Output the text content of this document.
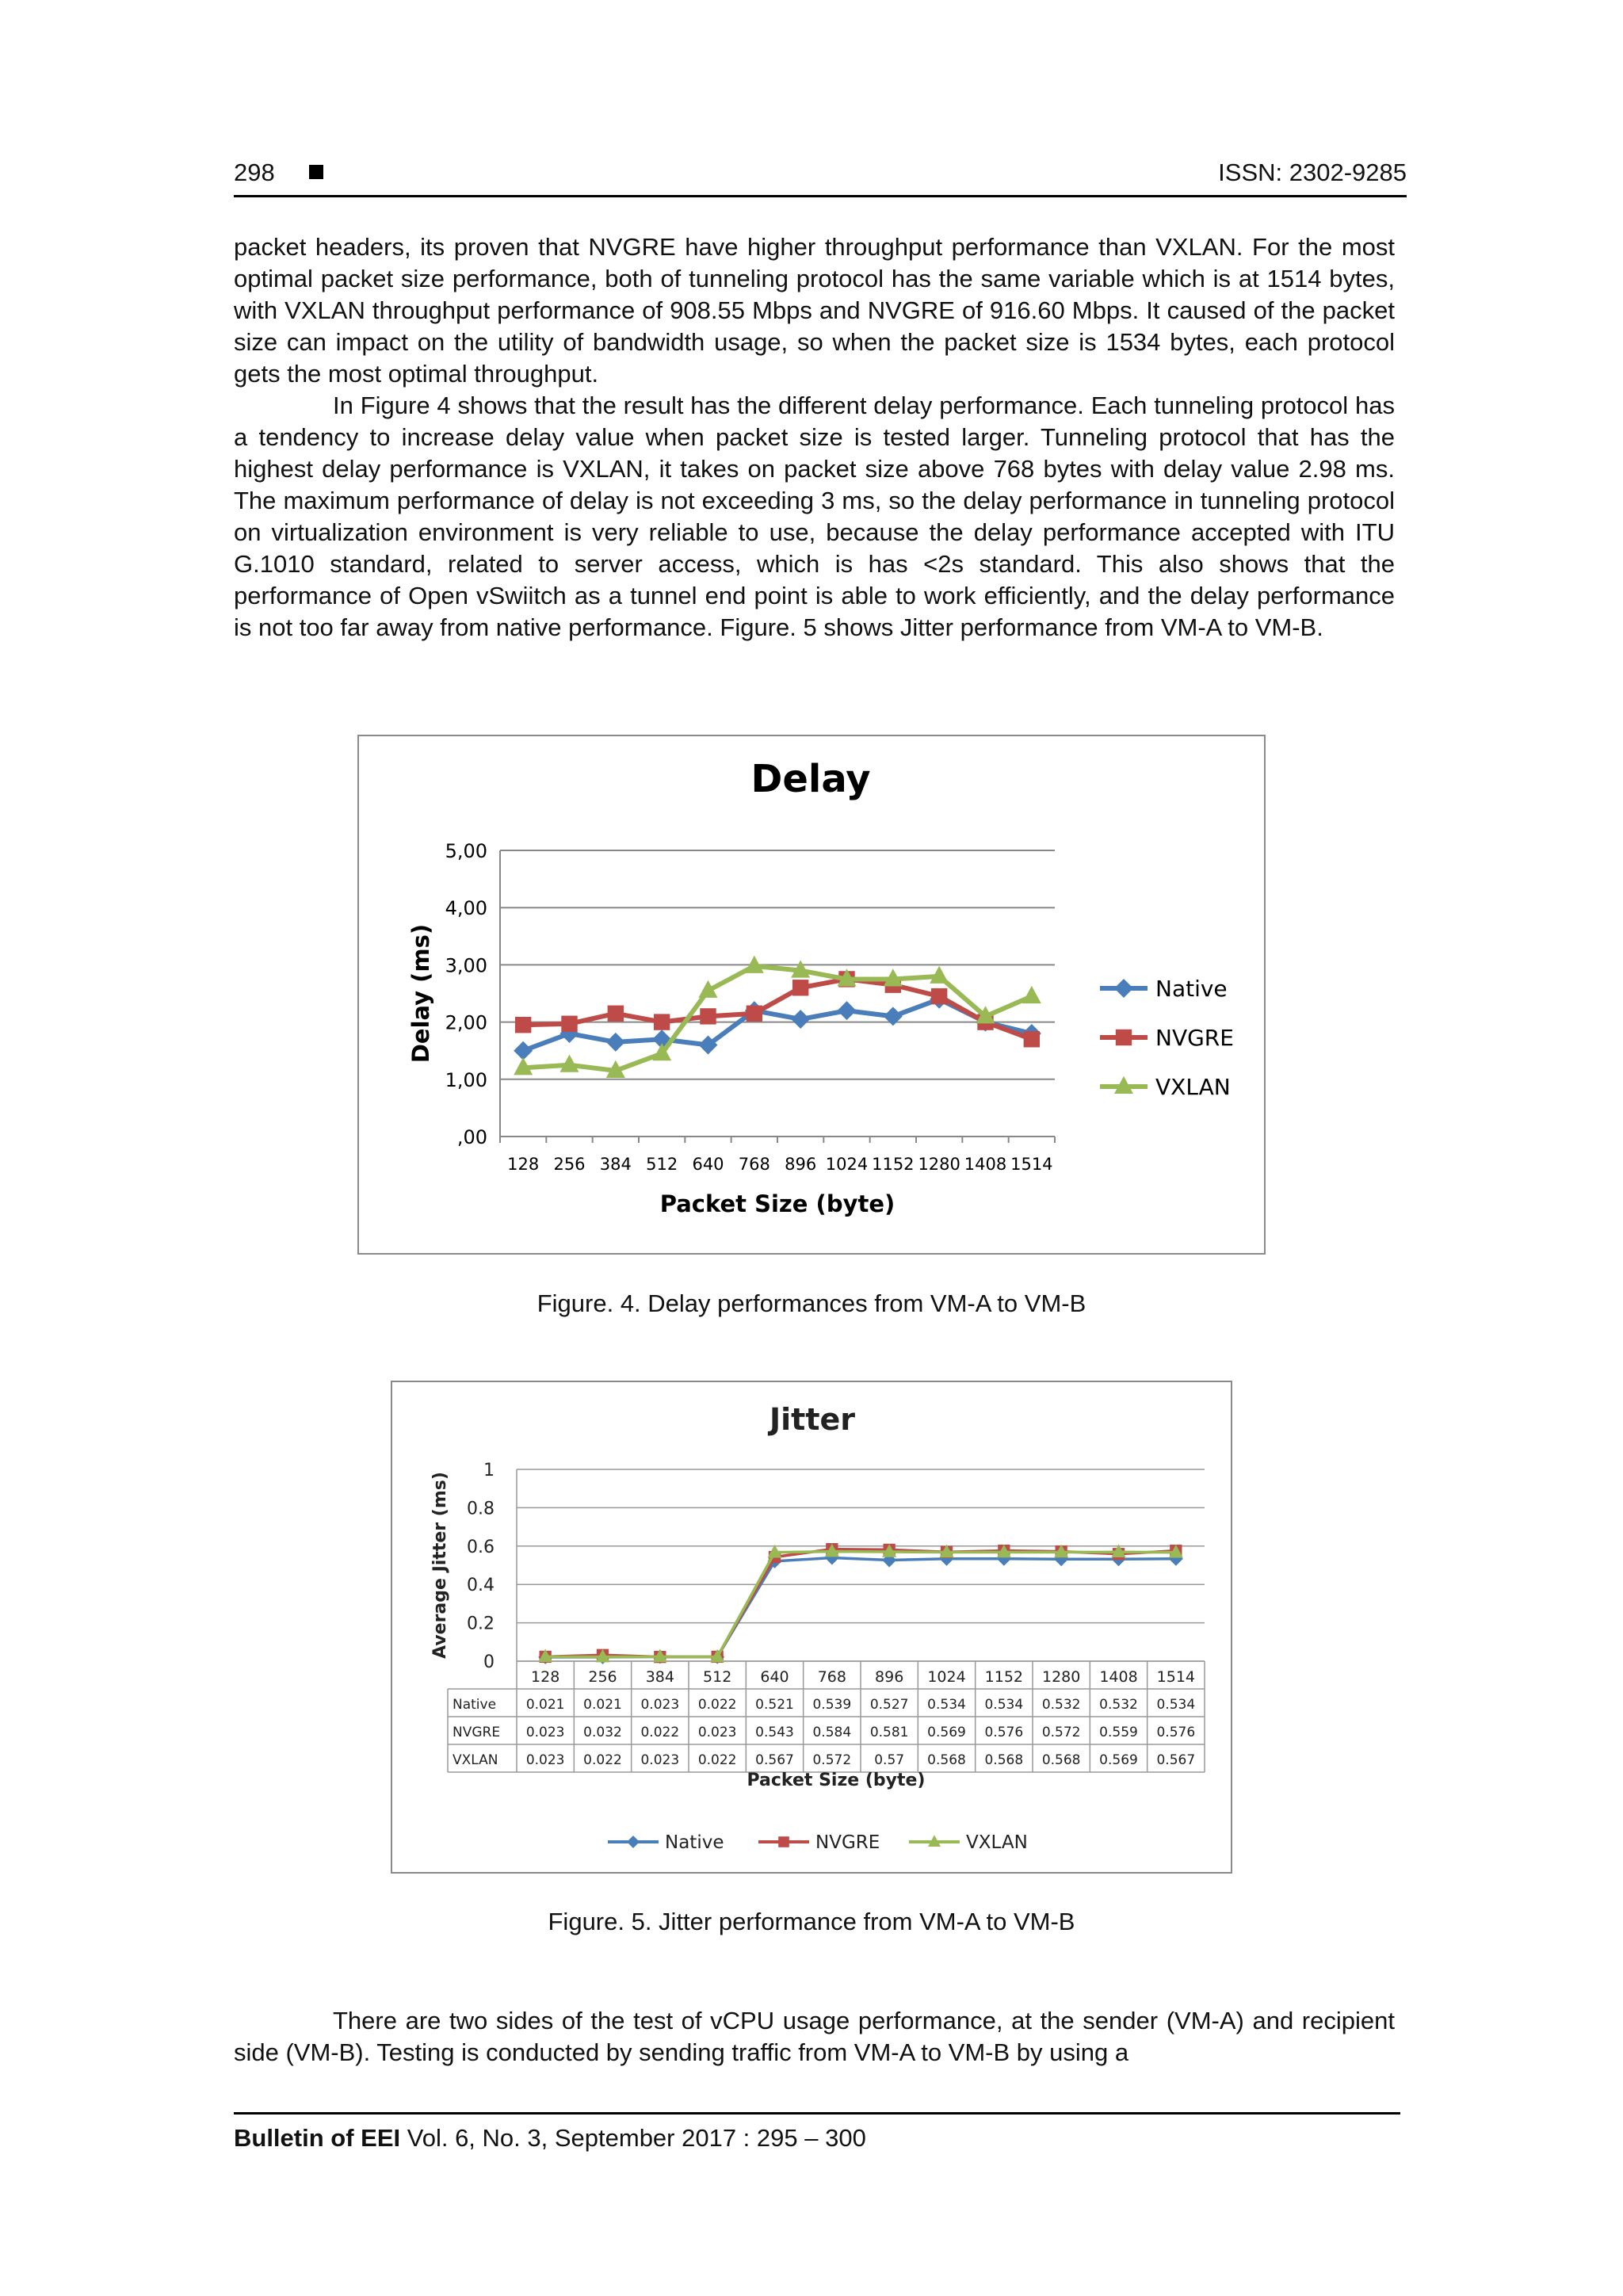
298	ISSN: 2302-9285

packet headers, its proven that NVGRE have higher throughput performance than VXLAN. For the most optimal packet size performance, both of tunneling protocol has the same variable which is at 1514 bytes, with VXLAN throughput performance of 908.55 Mbps and NVGRE of 916.60 Mbps. It caused of the packet size can impact on the utility of bandwidth usage, so when the packet size is 1534 bytes, each protocol gets the most optimal throughput.

In Figure 4 shows that the result has the different delay performance. Each tunneling protocol has a tendency to increase delay value when packet size is tested larger. Tunneling protocol that has the highest delay performance is VXLAN, it takes on packet size above 768 bytes with delay value 2.98 ms. The maximum performance of delay is not exceeding 3 ms, so the delay performance in tunneling protocol on virtualization environment is very reliable to use, because the delay performance accepted with ITU G.1010 standard, related to server access, which is has <2s standard. This also shows that the performance of Open vSwiitch as a tunnel end point is able to work efficiently, and the delay performance is not too far away from native performance. Figure. 5 shows Jitter performance from VM-A to VM-B.

Delay
,00
1,00
2,00
3,00
4,00
5,00
128 256 384 512 640 768 896 1024 1152 1280 1408 1514
Packet Size (byte)
Delay (ms)	Native
NVGRE
VXLAN
Figure. 4. Delay performances from VM-A to VM-B
Jitter
0
0.2
0.4
0.6
0.8
1
Average Jitter (ms)
128 256 384 512 640 768 896 1024 1152 1280 1408 1514
Native 0.021 0.021 0.023 0.022 0.521 0.539 0.527 0.534 0.534 0.532 0.532 0.534
NVGRE 0.023 0.032 0.022 0.023 0.543 0.584 0.581 0.569 0.576 0.572 0.559 0.576
VXLAN 0.023 0.022 0.023 0.022 0.567 0.572 0.57 0.568 0.568 0.568 0.569 0.567
Packet Size (byte)
Native	NVGRE	VXLAN
Figure. 5. Jitter performance from VM-A to VM-B

There are two sides of the test of vCPU usage performance, at the sender (VM-A) and recipient side (VM-B). Testing is conducted by sending traffic from VM-A to VM-B by using a

Bulletin of EEI Vol. 6, No. 3, September 2017 : 295 – 300
